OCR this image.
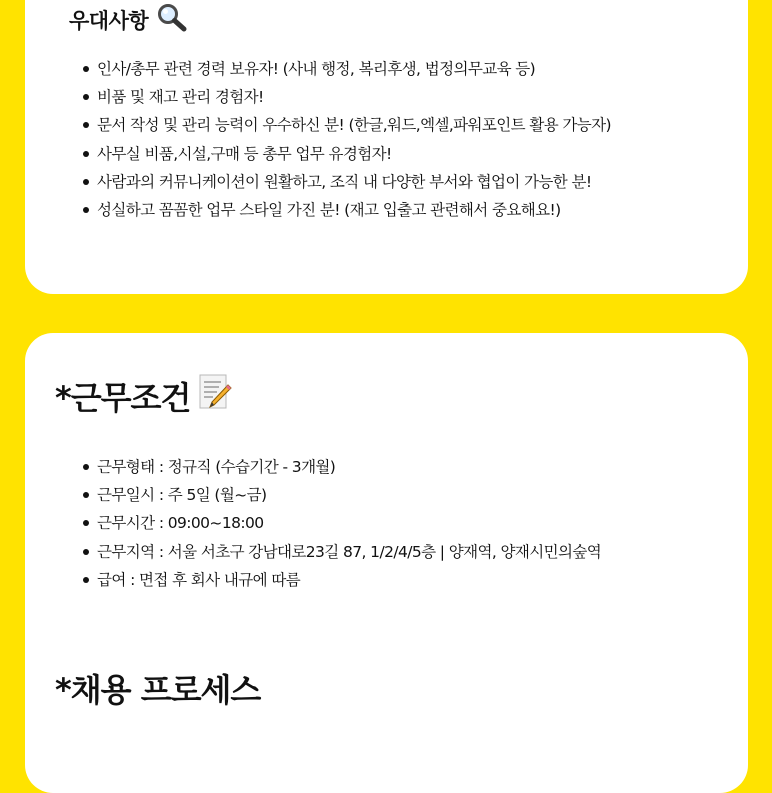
우대사항
인사/총무 관련 경력 보유자! (사내 행정, 복리후생, 법정의무교육 등)
비품 및 재고 관리 경험자!
문서 작성 및 관리 능력이 우수하신 분! (한글,워드,엑셀,파워포인트 활용 가능자)
사무실 비품,시설,구매 등 총무 업무 유경험자!
사람과의 커뮤니케이션이 원활하고, 조직 내 다양한 부서와 협업이 가능한 분!
성실하고 꼼꼼한 업무 스타일 가진 분! (재고 입출고 관련해서 중요해요!)
*근무조건
근무형태 : 정규직 (수습기간 - 3개월)
근무일시 : 주 5일 (월~금)
근무시간 : 09:00~18:00
근무지역 : 서울 서초구 강남대로23길 87, 1/2/4/5층 | 양재역, 양재시민의숲역
급여 : 면접 후 회사 내규에 따름
*채용 프로세스
